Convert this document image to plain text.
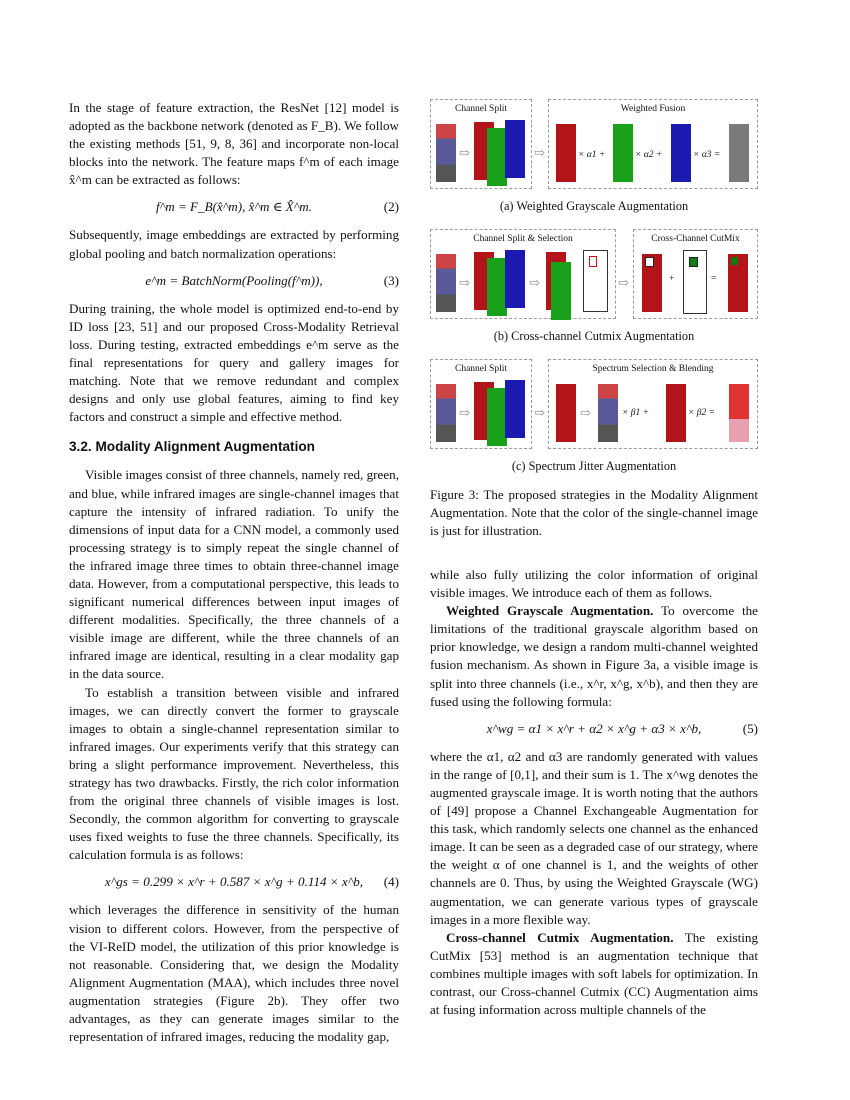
In the stage of feature extraction, the ResNet [12] model is adopted as the backbone network (denoted as F_B). We follow the existing methods [51, 9, 8, 36] and incorporate non-local blocks into the network. The feature maps f^m of each image x̂^m can be extracted as follows:

f^m = F_B(x̂^m), x̂^m ∈ X̂^m.	(2)

Subsequently, image embeddings are extracted by performing global pooling and batch normalization operations:

e^m = BatchNorm(Pooling(f^m)),	(3)

During training, the whole model is optimized end-to-end by ID loss [23, 51] and our proposed Cross-Modality Retrieval loss. During testing, extracted embeddings e^m serve as the final representations for query and gallery images for matching. Note that we remove redundant and complex designs and only use global features, aiming to find key factors and construct a simple and effective method.

3.2. Modality Alignment Augmentation

Visible images consist of three channels, namely red, green, and blue, while infrared images are single-channel images that capture the intensity of infrared radiation. To unify the dimensions of input data for a CNN model, a commonly used processing strategy is to simply repeat the single channel of the infrared image three times to obtain three-channel image data. However, from a computational perspective, this leads to significant numerical differences between input images of different modalities. Specifically, the three channels of a visible image are different, while the three channels of an infrared image are identical, resulting in a clear modality gap in the data source.

To establish a transition between visible and infrared images, we can directly convert the former to grayscale images to obtain a single-channel representation similar to infrared images. Our experiments verify that this strategy can bring a slight performance improvement. Nevertheless, this strategy has two drawbacks. Firstly, the rich color information from the original three channels of visible images is lost. Secondly, the common algorithm for converting to grayscale uses fixed weights to fuse the three channels. Specifically, its calculation formula is as follows:

x^gs = 0.299 × x^r + 0.587 × x^g + 0.114 × x^b, (4)

which leverages the difference in sensitivity of the human vision to different colors. However, from the perspective of the VI-ReID model, the utilization of this prior knowledge is not reasonable. Considering that, we design the Modality Alignment Augmentation (MAA), which includes three novel augmentation strategies (Figure 2b). They offer two advantages, as they can generate images similar to the representation of infrared images, reducing the modality gap,

Channel Split	Weighted Fusion
⇨	⇨	× α1 +	× α2 +	× α3 =
(a) Weighted Grayscale Augmentation
Channel Split & Selection	Cross-Channel CutMix
⇨	⇨	⇨	+	=
(b) Cross-channel Cutmix Augmentation
Channel Split	Spectrum Selection & Blending
⇨	⇨	⇨	× β1 +	× β2 =
(c) Spectrum Jitter Augmentation
Figure 3: The proposed strategies in the Modality Alignment Augmentation. Note that the color of the single-channel image is just for illustration.

while also fully utilizing the color information of original visible images. We introduce each of them as follows.

Weighted Grayscale Augmentation. To overcome the limitations of the traditional grayscale algorithm based on prior knowledge, we design a random multi-channel weighted fusion mechanism. As shown in Figure 3a, a visible image is split into three channels (i.e., x^r, x^g, x^b), and then they are fused using the following formula:

x^wg = α1 × x^r + α2 × x^g + α3 × x^b,	(5)

where the α1, α2 and α3 are randomly generated with values in the range of [0,1], and their sum is 1. The x^wg denotes the augmented grayscale image. It is worth noting that the authors of [49] propose a Channel Exchangeable Augmentation for this task, which randomly selects one channel as the enhanced image. It can be seen as a degraded case of our strategy, where the weight α of one channel is 1, and the weights of other channels are 0. Thus, by using the Weighted Grayscale (WG) augmentation, we can generate various types of grayscale images in a more flexible way.

Cross-channel Cutmix Augmentation. The existing CutMix [53] method is an augmentation technique that combines multiple images with soft labels for optimization. In contrast, our Cross-channel Cutmix (CC) Augmentation aims at fusing information across multiple channels of the
